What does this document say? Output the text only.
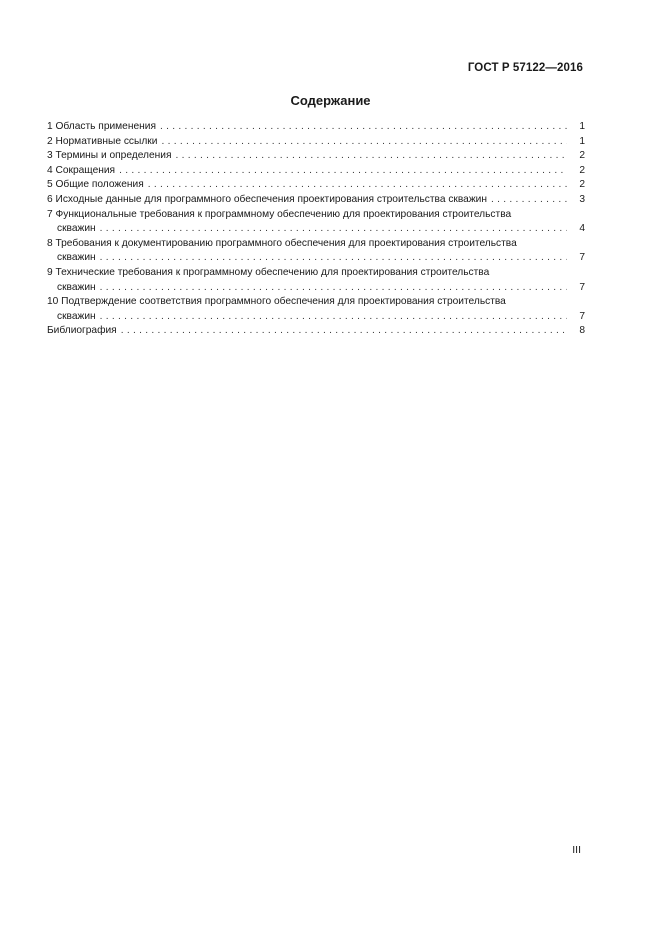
ГОСТ Р 57122—2016
Содержание
1 Область применения .....	1
2 Нормативные ссылки .....	1
3 Термины и определения .....	2
4 Сокращения .....	2
5 Общие положения .....	2
6 Исходные данные для программного обеспечения проектирования строительства скважин .....	3
7 Функциональные требования к программному обеспечению для проектирования строительства
скважин .....	4
8 Требования к документированию программного обеспечения для проектирования строительства
скважин .....	7
9 Технические требования к программному обеспечению для проектирования строительства
скважин .....	7
10 Подтверждение соответствия программного обеспечения для проектирования строительства
скважин .....	7
Библиография .....	8
III
